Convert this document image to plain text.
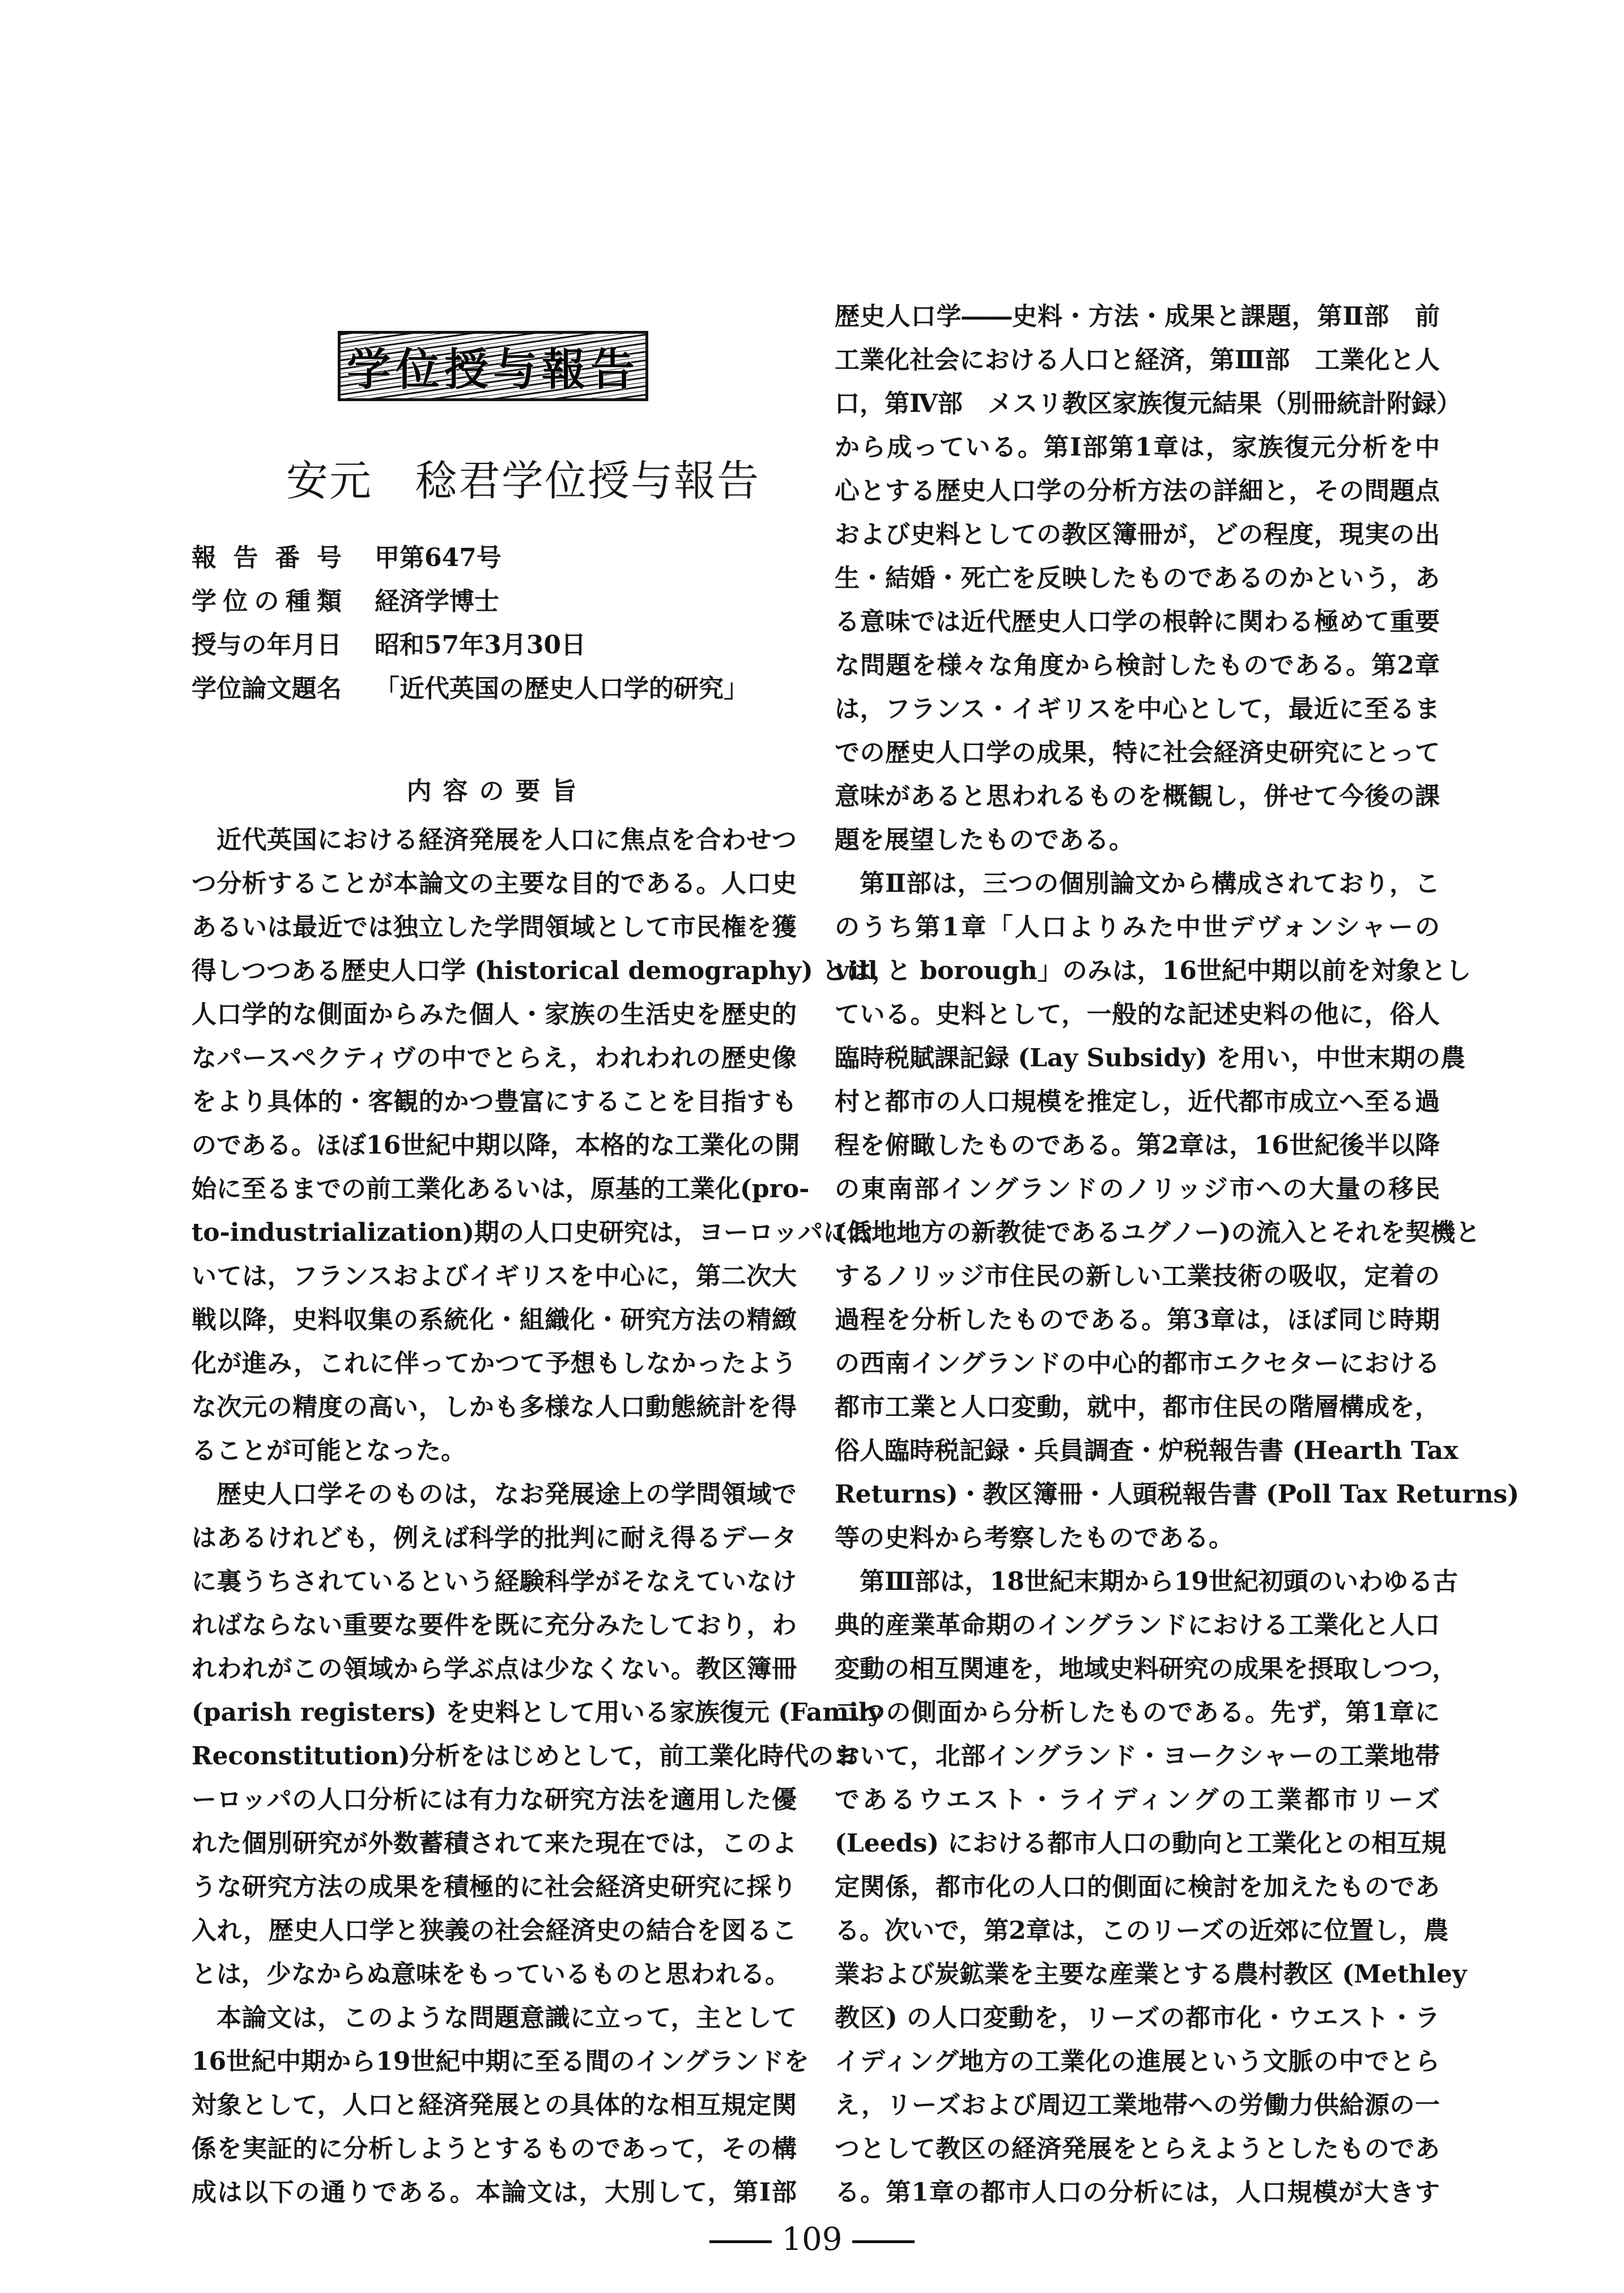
学位授与報告
安元　稔君学位授与報告
報告番号 甲第647号
学位の種類 経済学博士
授与の年月日 昭和57年3月30日
学位論文題名 「近代英国の歴史人口学的研究」
内容の要旨
近代英国における経済発展を人口に焦点を合わせつ
つ分析することが本論文の主要な目的である。人口史
あるいは最近では独立した学問領域として市民権を獲
得しつつある歴史人口学 (historical demography) とは，
人口学的な側面からみた個人・家族の生活史を歴史的
なパースペクティヴの中でとらえ，われわれの歴史像
をより具体的・客観的かつ豊富にすることを目指すも
のである。ほぼ16世紀中期以降，本格的な工業化の開
始に至るまでの前工業化あるいは，原基的工業化(pro-
to-industrialization)期の人口史研究は，ヨーロッパにお
いては，フランスおよびイギリスを中心に，第二次大
戦以降，史料収集の系統化・組織化・研究方法の精緻
化が進み，これに伴ってかつて予想もしなかったよう
な次元の精度の高い，しかも多様な人口動態統計を得
ることが可能となった。
歴史人口学そのものは，なお発展途上の学問領域で
はあるけれども，例えば科学的批判に耐え得るデータ
に裏うちされているという経験科学がそなえていなけ
ればならない重要な要件を既に充分みたしており，わ
れわれがこの領域から学ぶ点は少なくない。教区簿冊
(parish registers) を史料として用いる家族復元 (Family
Reconstitution)分析をはじめとして，前工業化時代のヨ
ーロッパの人口分析には有力な研究方法を適用した優
れた個別研究が外数蓄積されて来た現在では，このよ
うな研究方法の成果を積極的に社会経済史研究に採り
入れ，歴史人口学と狭義の社会経済史の結合を図るこ
とは，少なからぬ意味をもっているものと思われる。
本論文は，このような問題意識に立って，主として
16世紀中期から19世紀中期に至る間のイングランドを
対象として，人口と経済発展との具体的な相互規定関
係を実証的に分析しようとするものであって，その構
成は以下の通りである。本論文は，大別して，第Ⅰ部
歴史人口学――史料・方法・成果と課題，第Ⅱ部　前
工業化社会における人口と経済，第Ⅲ部　工業化と人
口，第Ⅳ部　メスリ教区家族復元結果（別冊統計附録）
から成っている。第Ⅰ部第1章は，家族復元分析を中
心とする歴史人口学の分析方法の詳細と，その問題点
および史料としての教区簿冊が，どの程度，現実の出
生・結婚・死亡を反映したものであるのかという，あ
る意味では近代歴史人口学の根幹に関わる極めて重要
な問題を様々な角度から検討したものである。第2章
は，フランス・イギリスを中心として，最近に至るま
での歴史人口学の成果，特に社会経済史研究にとって
意味があると思われるものを概観し，併せて今後の課
題を展望したものである。
第Ⅱ部は，三つの個別論文から構成されており，こ
のうち第1章「人口よりみた中世デヴォンシャーの
vill と borough」のみは，16世紀中期以前を対象とし
ている。史料として，一般的な記述史料の他に，俗人
臨時税賦課記録 (Lay Subsidy) を用い，中世末期の農
村と都市の人口規模を推定し，近代都市成立へ至る過
程を俯瞰したものである。第2章は，16世紀後半以降
の東南部イングランドのノリッジ市への大量の移民
(低地地方の新教徒であるユグノー)の流入とそれを契機と
するノリッジ市住民の新しい工業技術の吸収，定着の
過程を分析したものである。第3章は，ほぼ同じ時期
の西南イングランドの中心的都市エクセターにおける
都市工業と人口変動，就中，都市住民の階層構成を，
俗人臨時税記録・兵員調査・炉税報告書 (Hearth Tax
Returns)・教区簿冊・人頭税報告書 (Poll Tax Returns)
等の史料から考察したものである。
第Ⅲ部は，18世紀末期から19世紀初頭のいわゆる古
典的産業革命期のイングランドにおける工業化と人口
変動の相互関連を，地域史料研究の成果を摂取しつつ，
二つの側面から分析したものである。先ず，第1章に
おいて，北部イングランド・ヨークシャーの工業地帯
であるウエスト・ライディングの工業都市リーズ
(Leeds) における都市人口の動向と工業化との相互規
定関係，都市化の人口的側面に検討を加えたものであ
る。次いで，第2章は，このリーズの近郊に位置し，農
業および炭鉱業を主要な産業とする農村教区 (Methley
教区) の人口変動を，リーズの都市化・ウエスト・ラ
イディング地方の工業化の進展という文脈の中でとら
え，リーズおよび周辺工業地帯への労働力供給源の一
つとして教区の経済発展をとらえようとしたものであ
る。第1章の都市人口の分析には，人口規模が大きす
109
